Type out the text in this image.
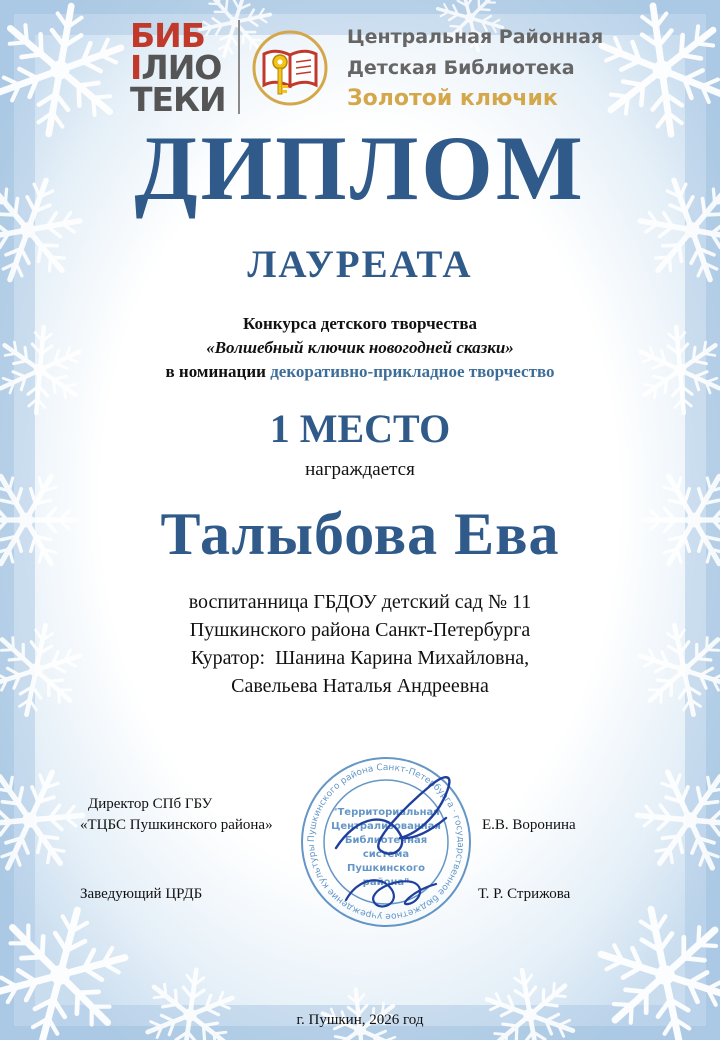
БИБ
ІЛИО
ТЕКИ
Центральная Районная
Детская Библиотека
Золотой ключик
ДИПЛОМ
ЛАУРЕАТА
Конкурса детского творчества
«Волшебный ключик новогодней сказки»
в номинации декоративно-прикладное творчество
1 МЕСТО
награждается
Талыбова Ева
воспитанница ГБДОУ детский сад № 11
Пушкинского района Санкт-Петербурга
Куратор:  Шанина Карина Михайловна,
Савельева Наталья Андреевна
Директор СПб ГБУ
«ТЦБС Пушкинского района»	Е.В. Воронина
Заведующий ЦРДБ	Т. Р. Стрижова
Пушкинского района Санкт-Петербурга · государственное бюджетное учреждение культуры
"Территориальная
Централизованная
Библиотечная
система
Пушкинского
района"
г. Пушкин, 2026 год
